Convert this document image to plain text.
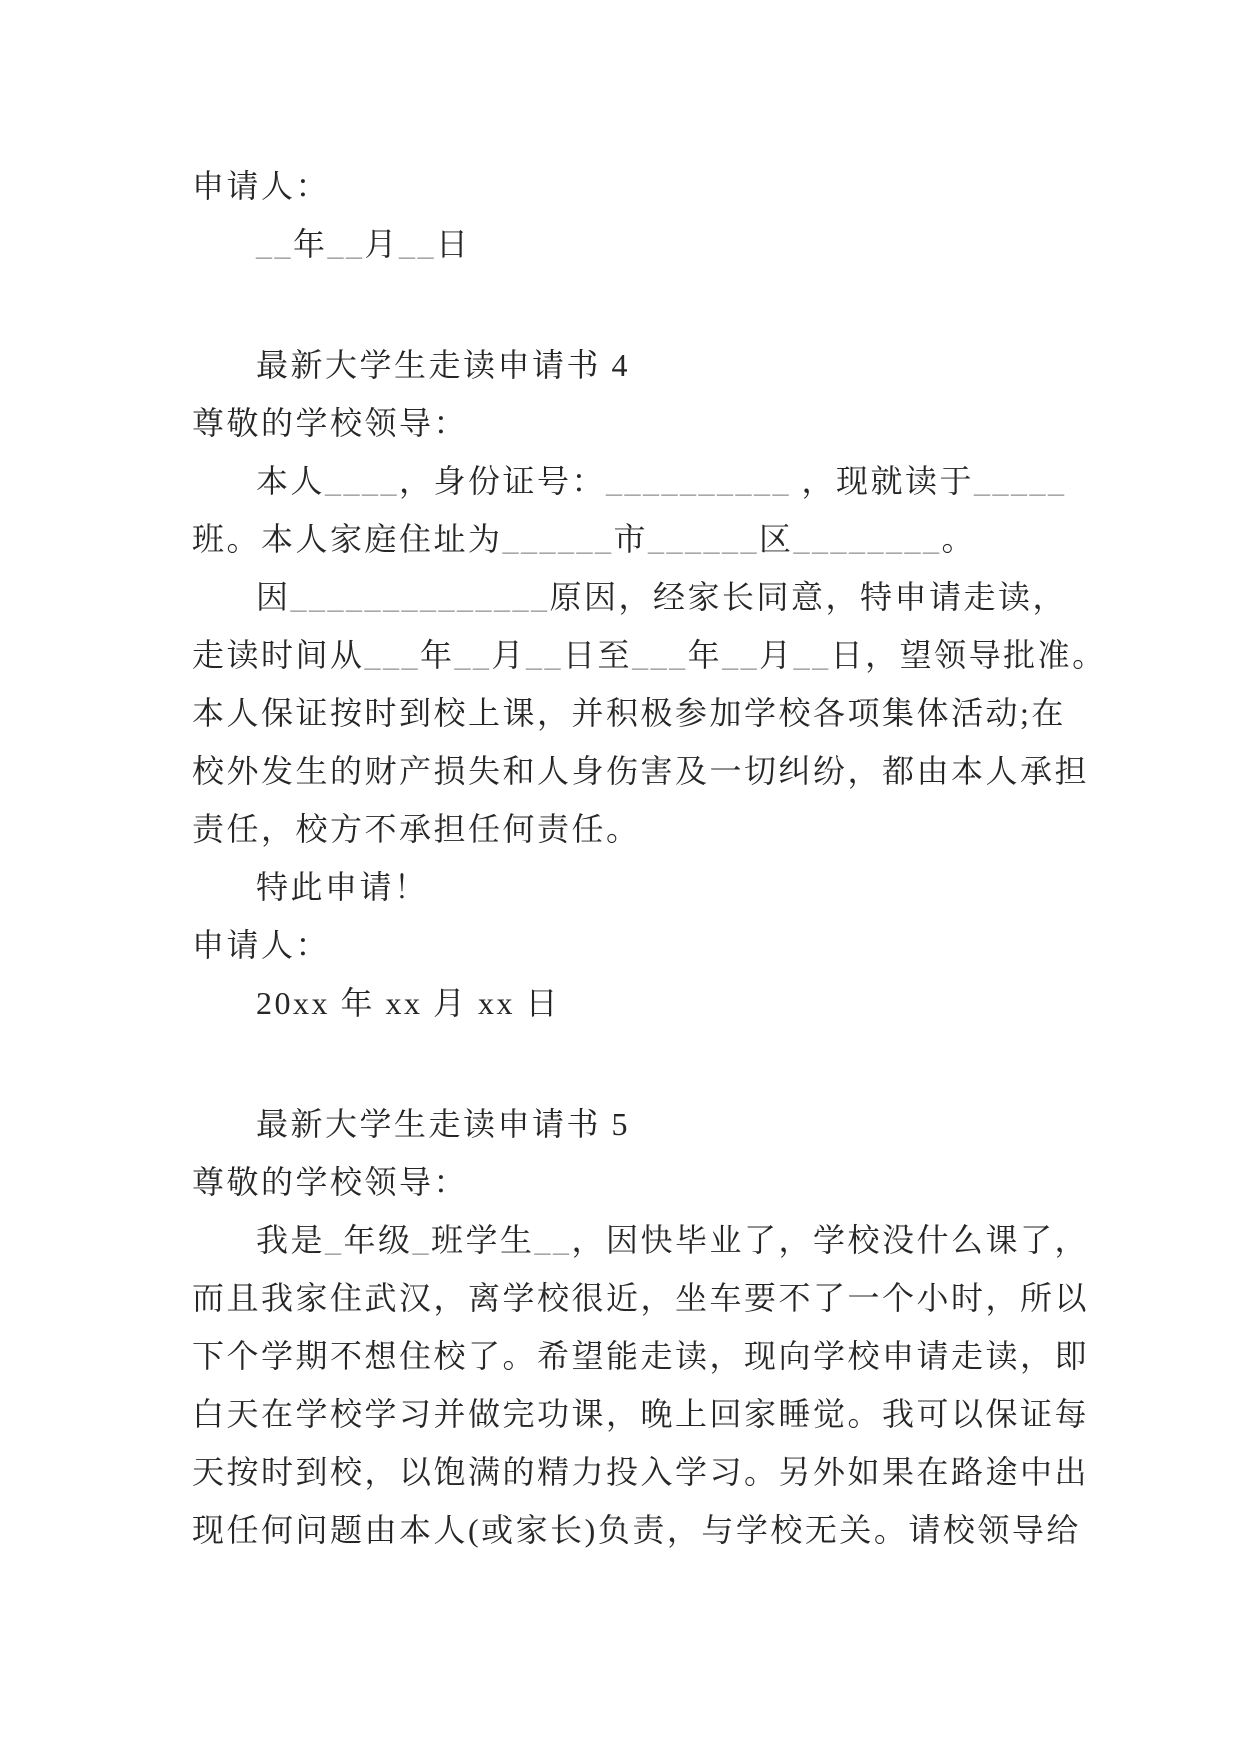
申请人：
__年__月__日
最新大学生走读申请书 4
尊敬的学校领导：
本人____，身份证号：__________ ，现就读于_____
班。本人家庭住址为______市______区________。
因______________原因，经家长同意，特申请走读，
走读时间从___年__月__日至___年__月__日，望领导批准。
本人保证按时到校上课，并积极参加学校各项集体活动;在
校外发生的财产损失和人身伤害及一切纠纷，都由本人承担
责任，校方不承担任何责任。
特此申请！
申请人：
20xx 年 xx 月 xx 日
最新大学生走读申请书 5
尊敬的学校领导：
我是_年级_班学生__，因快毕业了，学校没什么课了，
而且我家住武汉，离学校很近，坐车要不了一个小时，所以
下个学期不想住校了。希望能走读，现向学校申请走读，即
白天在学校学习并做完功课，晚上回家睡觉。我可以保证每
天按时到校，以饱满的精力投入学习。另外如果在路途中出
现任何问题由本人(或家长)负责，与学校无关。请校领导给
